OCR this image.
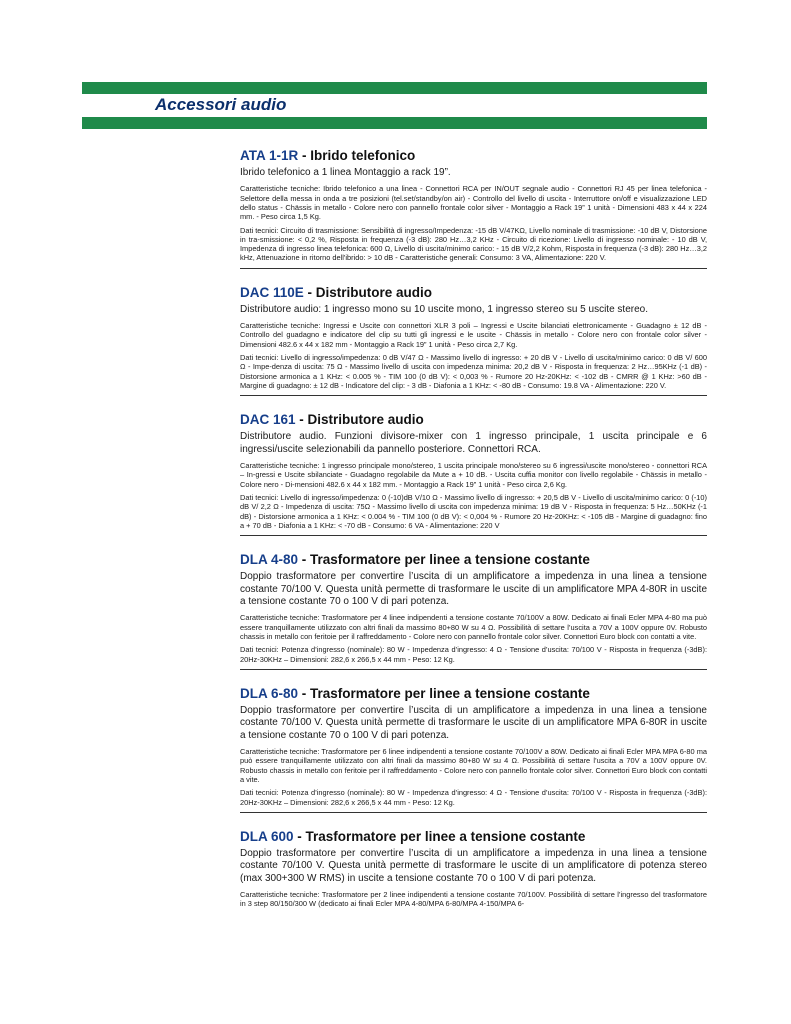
Accessori audio
ATA 1-1R - Ibrido telefonico

Ibrido telefonico a 1 linea Montaggio a rack 19”.

Caratteristiche tecniche: Ibrido telefonico a una linea - Connettori RCA per IN/OUT segnale audio - Connettori RJ 45 per linea telefonica - Selettore della messa in onda a tre posizioni (tel.set/standby/on air) - Controllo del livello di uscita - Interruttore on/off e visualizzazione LED dello status - Chässis in metallo - Colore nero con pannello frontale color silver - Montaggio a Rack 19” 1 unità - Dimensioni 483 x 44 x 224 mm. - Peso circa 1,5 Kg.

Dati tecnici: Circuito di trasmissione: Sensibilità di ingresso/Impedenza: -15 dB V/47KΩ, Livello nominale di trasmissione: -10 dB V, Distorsione in tra-smissione: < 0,2 %, Risposta in frequenza (-3 dB): 280 Hz…3,2 KHz - Circuito di ricezione: Livello di ingresso nominale: - 10 dB V, Impedenza di ingresso linea telefonica: 600 Ω, Livello di uscita/minimo carico: - 15 dB V/2,2 Kohm, Risposta in frequenza (-3 dB): 280 Hz…3,2 kHz, Attenuazione in ritorno dell'ibrido: > 10 dB - Caratteristiche generali: Consumo: 3 VA, Alimentazione: 220 V.

DAC 110E - Distributore audio

Distributore audio: 1 ingresso mono su 10 uscite mono, 1 ingresso stereo su 5 uscite stereo.

Caratteristiche tecniche: Ingressi e Uscite con connettori XLR 3 poli – Ingressi e Uscite bilanciati elettronicamente - Guadagno ± 12 dB - Controllo del guadagno e indicatore del clip su tutti gli ingressi e le uscite - Chässis in metallo - Colore nero con frontale color silver - Dimensioni 482.6 x 44 x 182 mm - Montaggio a Rack 19” 1 unità - Peso circa 2,7 Kg.

Dati tecnici: Livello di ingresso/impedenza: 0 dB V/47 Ω - Massimo livello di ingresso: + 20 dB V - Livello di uscita/minimo carico: 0 dB V/ 600 Ω - Impe-denza di uscita: 75 Ω - Massimo livello di uscita con impedenza minima: 20,2 dB V - Risposta in frequenza: 2 Hz…95KHz (-1 dB) - Distorsione armonica a 1 KHz: < 0.005 % - TIM 100 (0 dB V): < 0,003 % - Rumore 20 Hz-20KHz: < -102 dB - CMRR @ 1 KHz: >60 dB - Margine di guadagno: ± 12 dB - Indicatore del clip: - 3 dB - Diafonia a 1 KHz: < -80 dB - Consumo: 19.8 VA - Alimentazione: 220 V.

DAC 161 - Distributore audio

Distributore audio. Funzioni divisore-mixer con 1 ingresso principale, 1 uscita principale e 6 ingressi/uscite selezionabili da pannello posteriore. Connettori RCA.

Caratteristiche tecniche: 1 ingresso principale mono/stereo, 1 uscita principale mono/stereo su 6 ingressi/uscite mono/stereo - connettori RCA – In-gressi e Uscite sbilanciate - Guadagno regolabile da Mute a + 10 dB. - Uscita cuffia monitor con livello regolabile - Chässis in metallo - Colore nero - Di-mensioni 482.6 x 44 x 182 mm. - Montaggio a Rack 19” 1 unità - Peso circa 2,6 Kg.

Dati tecnici: Livello di ingresso/impedenza: 0 (-10)dB V/10 Ω - Massimo livello di ingresso: + 20,5 dB V - Livello di uscita/minimo carico: 0 (-10) dB V/ 2,2 Ω - Impedenza di uscita: 75Ω - Massimo livello di uscita con impedenza minima: 19 dB V - Risposta in frequenza: 5 Hz…50KHz (-1 dB) - Distorsione armonica a 1 KHz: < 0.004 % - TIM 100 (0 dB V): < 0,004 % - Rumore 20 Hz-20KHz: < -105 dB - Margine di guadagno: fino a + 70 dB - Diafonia a 1 KHz: < -70 dB - Consumo: 6 VA - Alimentazione: 220 V

DLA 4-80 - Trasformatore per linee a tensione costante

Doppio trasformatore per convertire l’uscita di un amplificatore a impedenza in una linea a tensione costante 70/100 V. Questa unità permette di trasformare le uscite di un amplificatore MPA 4-80R in uscite a tensione costante 70 o 100 V di pari potenza.

Caratteristiche tecniche: Trasformatore per 4 linee indipendenti a tensione costante 70/100V a 80W. Dedicato ai finali Ecler MPA 4-80 ma può essere tranquillamente utilizzato con altri finali da massimo 80+80 W su 4 Ω. Possibilità di settare l’uscita a 70V a 100V oppure 0V. Robusto chassis in metallo con feritoie per il raffreddamento - Colore nero con pannello frontale color silver. Connettori Euro block con contatti a vite.

Dati tecnici: Potenza d’ingresso (nominale): 80 W - Impedenza d’ingresso: 4 Ω - Tensione d’uscita: 70/100 V - Risposta in frequenza (-3dB): 20Hz-30KHz – Dimensioni: 282,6 x 266,5 x 44 mm - Peso: 12 Kg.

DLA 6-80 - Trasformatore per linee a tensione costante

Doppio trasformatore per convertire l’uscita di un amplificatore a impedenza in una linea a tensione costante 70/100 V. Questa unità permette di trasformare le uscite di un amplificatore MPA 6-80R in uscite a tensione costante 70 o 100 V di pari potenza.

Caratteristiche tecniche: Trasformatore per 6 linee indipendenti a tensione costante 70/100V a 80W. Dedicato ai finali Ecler MPA MPA 6-80 ma può essere tranquillamente utilizzato con altri finali da massimo 80+80 W su 4 Ω. Possibilità di settare l’uscita a 70V a 100V oppure 0V. Robusto chassis in metallo con feritoie per il raffreddamento - Colore nero con pannello frontale color silver. Connettori Euro block con contatti a vite.

Dati tecnici: Potenza d’ingresso (nominale): 80 W - Impedenza d’ingresso: 4 Ω - Tensione d’uscita: 70/100 V - Risposta in frequenza (-3dB): 20Hz-30KHz – Dimensioni: 282,6 x 266,5 x 44 mm - Peso: 12 Kg.

DLA 600 - Trasformatore per linee a tensione costante

Doppio trasformatore per convertire l’uscita di un amplificatore a impedenza in una linea a tensione costante 70/100 V. Questa unità permette di trasformare le uscite di un amplificatore di potenza stereo (max 300+300 W RMS) in uscite a tensione costante 70 o 100 V di pari potenza.

Caratteristiche tecniche: Trasformatore per 2 linee indipendenti a tensione costante 70/100V. Possibilità di settare l’ingresso del trasformatore in 3 step 80/150/300 W (dedicato ai finali Ecler MPA 4-80/MPA 6-80/MPA 4-150/MPA 6-
